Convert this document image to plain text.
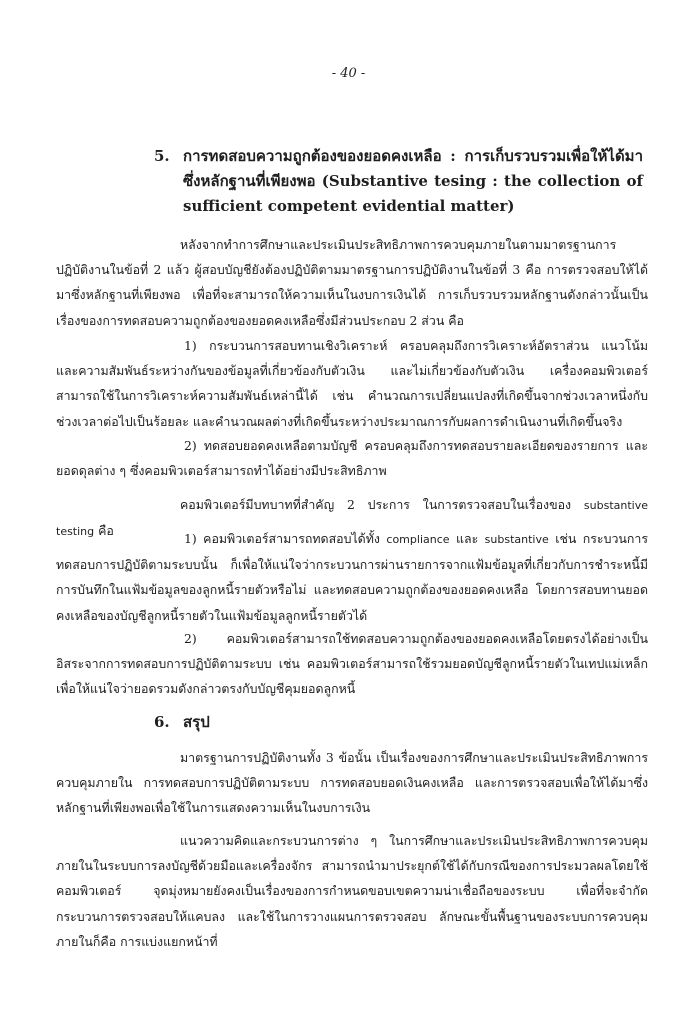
- 40 -
5. การทดสอบความถูกต้องของยอดคงเหลือ : การเก็บรวบรวมเพื่อให้ได้มาซึ่งหลักฐานที่เพียงพอ (Substantive tesing : the collection of sufficient competent evidential matter)

หลังจากทำการศึกษาและประเมินประสิทธิภาพการควบคุมภายในตามมาตรฐานการปฏิบัติงานในข้อที่ 2 แล้ว ผู้สอบบัญชียังต้องปฏิบัติตามมาตรฐานการปฏิบัติงานในข้อที่ 3 คือ การตรวจสอบให้ได้มาซึ่งหลักฐานที่เพียงพอ เพื่อที่จะสามารถให้ความเห็นในงบการเงินได้ การเก็บรวบรวมหลักฐานดังกล่าวนั้นเป็นเรื่องของการทดสอบความถูกต้องของยอดคงเหลือซึ่งมีส่วนประกอบ 2 ส่วน คือ

1) กระบวนการสอบทานเชิงวิเคราะห์ ครอบคลุมถึงการวิเคราะห์อัตราส่วน แนวโน้ม และความสัมพันธ์ระหว่างกันของข้อมูลที่เกี่ยวข้องกับตัวเงิน และไม่เกี่ยวข้องกับตัวเงิน เครื่องคอมพิวเตอร์สามารถใช้ในการวิเคราะห์ความสัมพันธ์เหล่านี้ได้ เช่น คำนวณการเปลี่ยนแปลงที่เกิดขึ้นจากช่วงเวลาหนึ่งกับช่วงเวลาต่อไปเป็นร้อยละ และคำนวณผลต่างที่เกิดขึ้นระหว่างประมาณการกับผลการดำเนินงานที่เกิดขึ้นจริง

2) ทดสอบยอดคงเหลือตามบัญชี ครอบคลุมถึงการทดสอบรายละเอียดของรายการ และยอดดุลต่าง ๆ ซึ่งคอมพิวเตอร์สามารถทำได้อย่างมีประสิทธิภาพ

คอมพิวเตอร์มีบทบาทที่สำคัญ 2 ประการ ในการตรวจสอบในเรื่องของ substantive testing คือ

1) คอมพิวเตอร์สามารถทดสอบได้ทั้ง compliance และ substantive เช่น กระบวนการทดสอบการปฏิบัติตามระบบนั้น ก็เพื่อให้แน่ใจว่ากระบวนการผ่านรายการจากแฟ้มข้อมูลที่เกี่ยวกับการชำระหนี้มีการบันทึกในแฟ้มข้อมูลของลูกหนี้รายตัวหรือไม่ และทดสอบความถูกต้องของยอดคงเหลือ โดยการสอบทานยอดคงเหลือของบัญชีลูกหนี้รายตัวในแฟ้มข้อมูลลูกหนี้รายตัวได้

2) คอมพิวเตอร์สามารถใช้ทดสอบความถูกต้องของยอดคงเหลือโดยตรงได้อย่างเป็นอิสระจากการทดสอบการปฏิบัติตามระบบ เช่น คอมพิวเตอร์สามารถใช้รวมยอดบัญชีลูกหนี้รายตัวในเทปแม่เหล็ก เพื่อให้แน่ใจว่ายอดรวมดังกล่าวตรงกับบัญชีคุมยอดลูกหนี้

6. สรุป

มาตรฐานการปฏิบัติงานทั้ง 3 ข้อนั้น เป็นเรื่องของการศึกษาและประเมินประสิทธิภาพการควบคุมภายใน การทดสอบการปฏิบัติตามระบบ การทดสอบยอดเงินคงเหลือ และการตรวจสอบเพื่อให้ได้มาซึ่งหลักฐานที่เพียงพอเพื่อใช้ในการแสดงความเห็นในงบการเงิน

แนวความคิดและกระบวนการต่าง ๆ ในการศึกษาและประเมินประสิทธิภาพการควบคุมภายในในระบบการลงบัญชีด้วยมือและเครื่องจักร สามารถนำมาประยุกต์ใช้ได้กับกรณีของการประมวลผลโดยใช้คอมพิวเตอร์ จุดมุ่งหมายยังคงเป็นเรื่องของการกำหนดขอบเขตความน่าเชื่อถือของระบบ เพื่อที่จะจำกัดกระบวนการตรวจสอบให้แคบลง และใช้ในการวางแผนการตรวจสอบ ลักษณะขั้นพื้นฐานของระบบการควบคุมภายในก็คือ การแบ่งแยกหน้าที่
